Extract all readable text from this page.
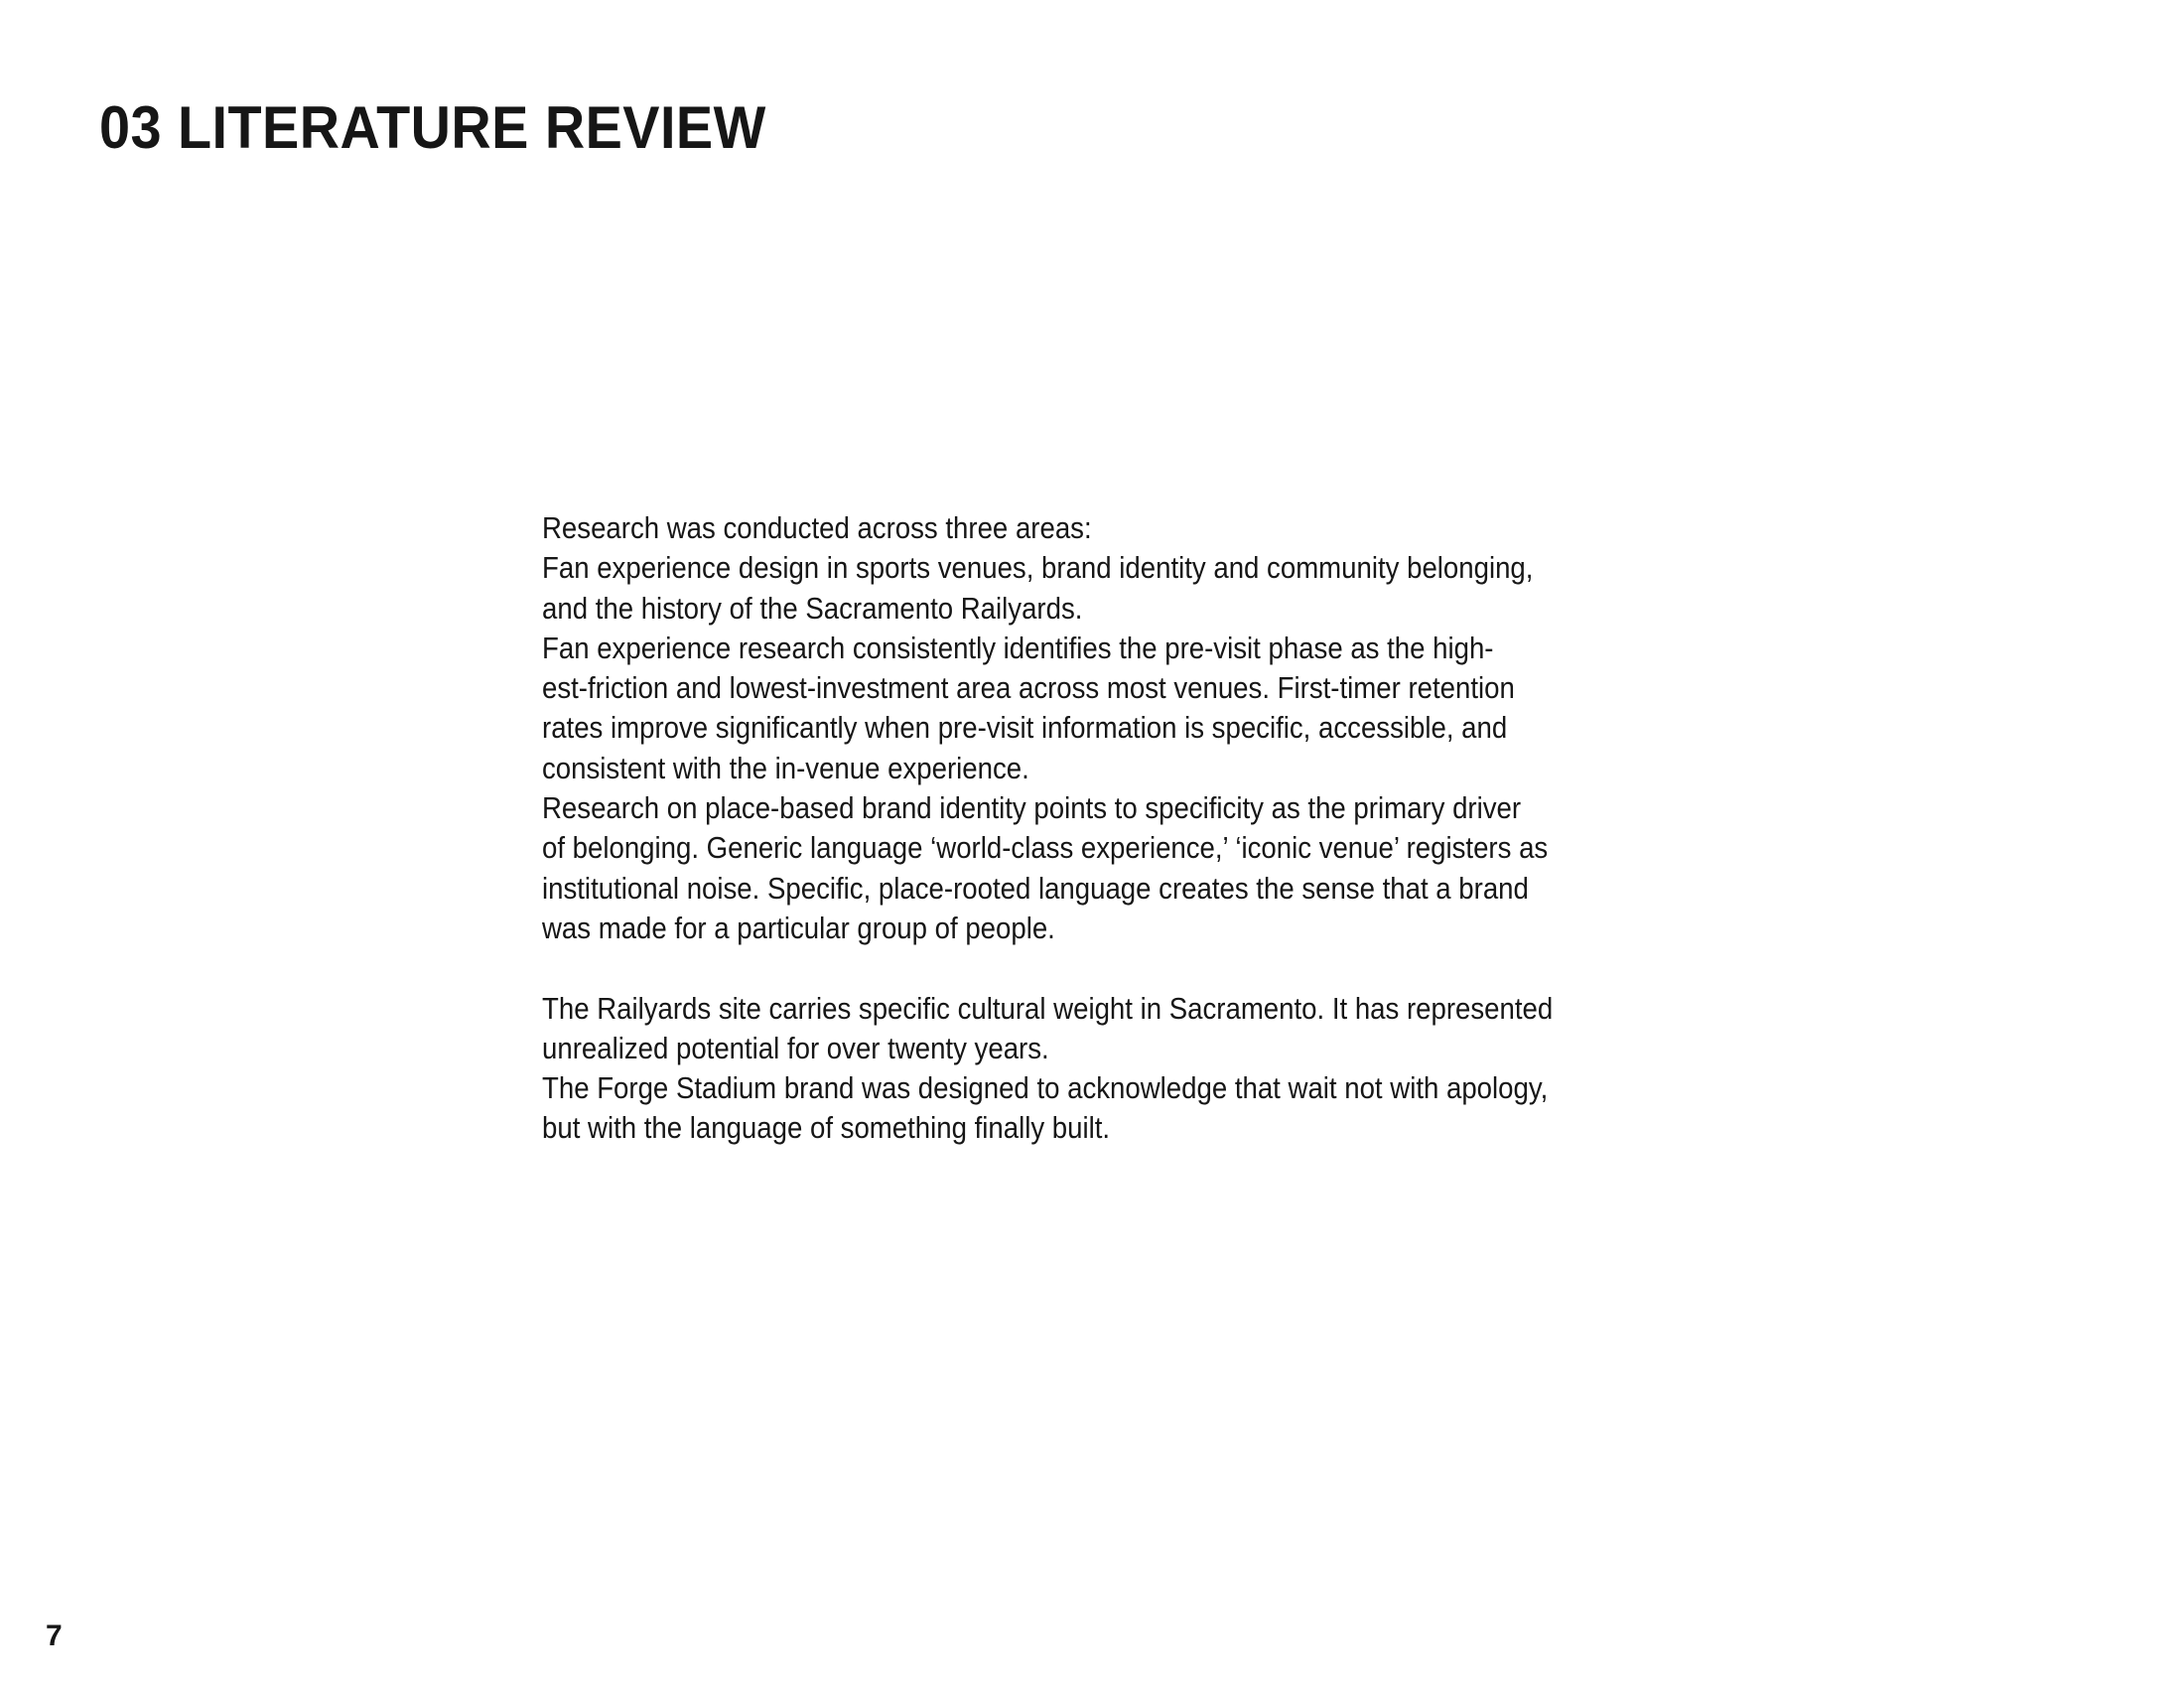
03 LITERATURE REVIEW
Research was conducted across three areas:
Fan experience design in sports venues, brand identity and community belonging,
and the history of the Sacramento Railyards.
Fan experience research consistently identifies the pre-visit phase as the high-
est-friction and lowest-investment area across most venues. First-timer retention
rates improve significantly when pre-visit information is specific, accessible, and
consistent with the in-venue experience.
Research on place-based brand identity points to specificity as the primary driver
of belonging. Generic language ‘world-class experience,’ ‘iconic venue’ registers as
institutional noise. Specific, place-rooted language creates the sense that a brand
was made for a particular group of people.
The Railyards site carries specific cultural weight in Sacramento. It has represented
unrealized potential for over twenty years.
The Forge Stadium brand was designed to acknowledge that wait not with apology,
but with the language of something finally built.
7
